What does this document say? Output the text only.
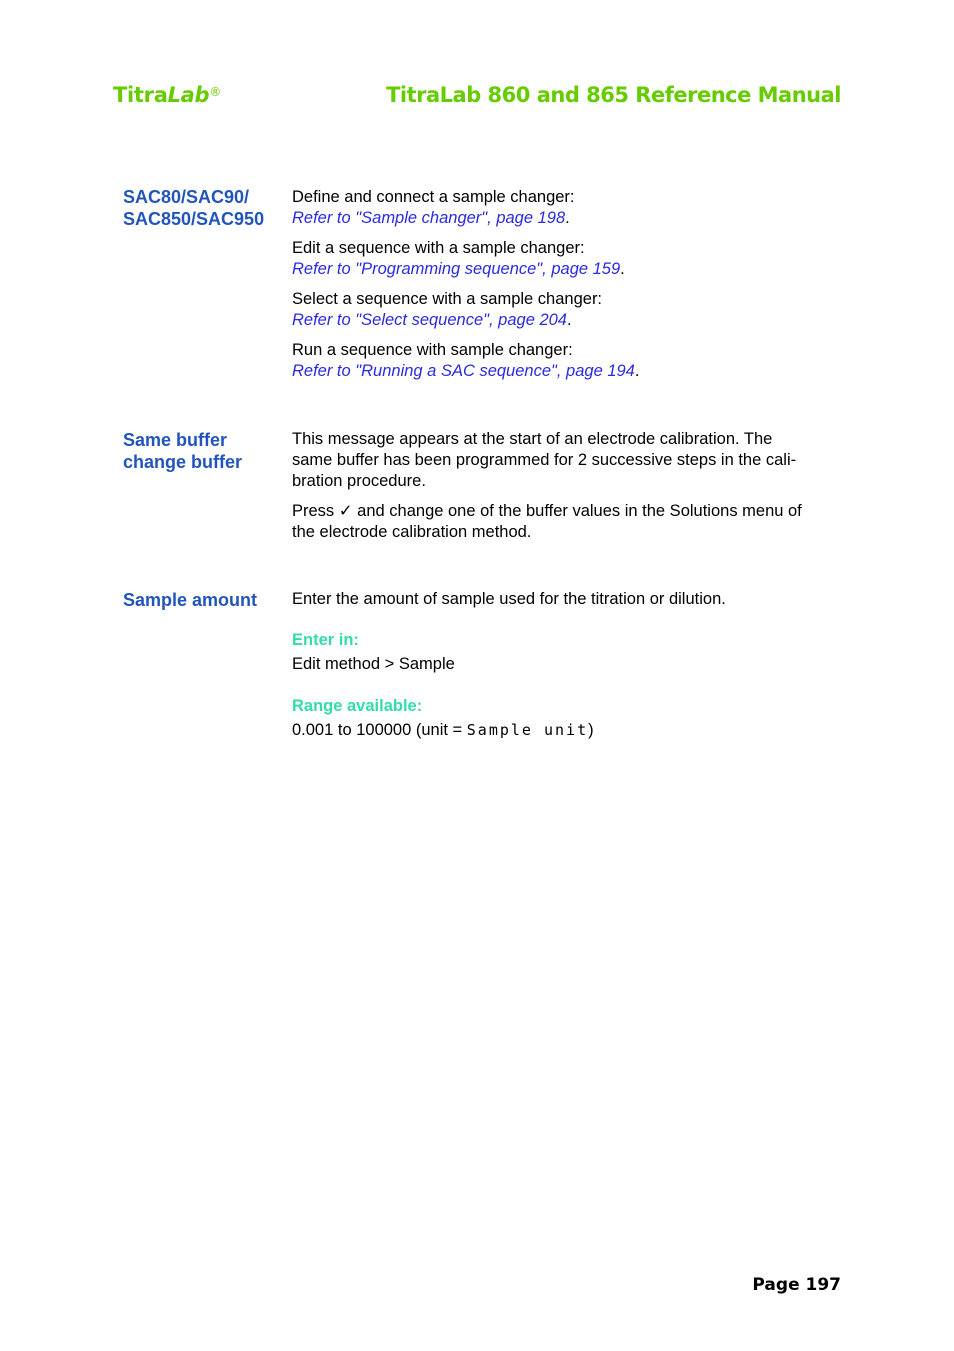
TitraLab®	TitraLab 860 and 865 Reference Manual
SAC80/SAC90/
SAC850/SAC950

Define and connect a sample changer:
Refer to "Sample changer", page 198.

Edit a sequence with a sample changer:
Refer to "Programming sequence", page 159.

Select a sequence with a sample changer:
Refer to "Select sequence", page 204.

Run a sequence with sample changer:
Refer to "Running a SAC sequence", page 194.

Same buffer
change buffer

This message appears at the start of an electrode calibration. The
same buffer has been programmed for 2 successive steps in the cali-
bration procedure.

Press ✓ and change one of the buffer values in the Solutions menu of
the electrode calibration method.

Sample amount	Enter the amount of sample used for the titration or dilution.

Enter in:

Edit method > Sample

Range available:

0.001 to 100000 (unit = Sample unit)

Page 197
